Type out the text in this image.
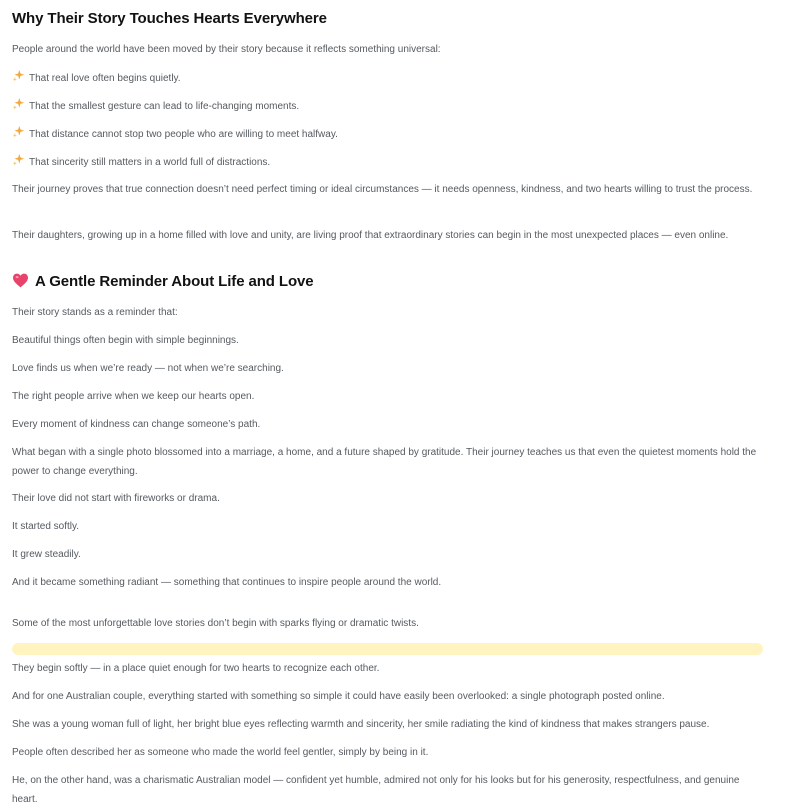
Why Their Story Touches Hearts Everywhere

People around the world have been moved by their story because it reflects something universal:

That real love often begins quietly.

That the smallest gesture can lead to life-changing moments.

That distance cannot stop two people who are willing to meet halfway.

That sincerity still matters in a world full of distractions.

Their journey proves that true connection doesn’t need perfect timing or ideal circumstances — it needs openness, kindness, and two hearts willing to trust the process.

Their daughters, growing up in a home filled with love and unity, are living proof that extraordinary stories can begin in the most unexpected places — even online.

A Gentle Reminder About Life and Love

Their story stands as a reminder that:

Beautiful things often begin with simple beginnings.

Love finds us when we’re ready — not when we’re searching.

The right people arrive when we keep our hearts open.

Every moment of kindness can change someone’s path.

What began with a single photo blossomed into a marriage, a home, and a future shaped by gratitude. Their journey teaches us that even the quietest moments hold the power to change everything.

Their love did not start with fireworks or drama.

It started softly.

It grew steadily.

And it became something radiant — something that continues to inspire people around the world.

Some of the most unforgettable love stories don’t begin with sparks flying or dramatic twists.

They begin softly — in a place quiet enough for two hearts to recognize each other.

And for one Australian couple, everything started with something so simple it could have easily been overlooked: a single photograph posted online.

She was a young woman full of light, her bright blue eyes reflecting warmth and sincerity, her smile radiating the kind of kindness that makes strangers pause.

People often described her as someone who made the world feel gentler, simply by being in it.

He, on the other hand, was a charismatic Australian model — confident yet humble, admired not only for his looks but for his generosity, respectfulness, and genuine heart.
